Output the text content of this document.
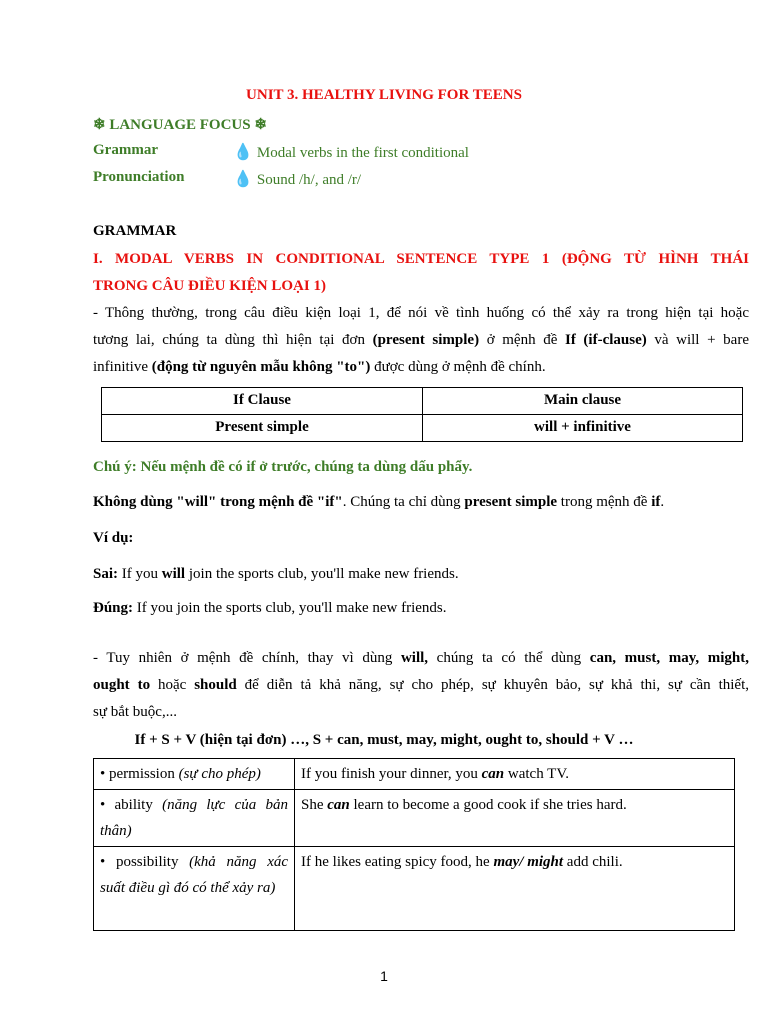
UNIT 3. HEALTHY LIVING FOR TEENS
❄ LANGUAGE FOCUS ❄
Grammar	💧 Modal verbs in the first conditional
Pronunciation	💧 Sound /h/, and /r/
GRAMMAR
I. MODAL VERBS IN CONDITIONAL SENTENCE TYPE 1 (ĐỘNG TỪ HÌNH THÁI
TRONG CÂU ĐIỀU KIỆN LOẠI 1)
- Thông thường, trong câu điều kiện loại 1, để nói về tình huống có thể xảy ra trong hiện tại hoặc
tương lai, chúng ta dùng thì hiện tại đơn (present simple) ở mệnh đề If (if-clause) và will + bare
infinitive (động từ nguyên mẫu không "to") được dùng ở mệnh đề chính.
If Clause	Main clause
Present simple	will + infinitive
Chú ý: Nếu mệnh đề có if ở trước, chúng ta dùng dấu phẩy.
Không dùng "will" trong mệnh đề "if". Chúng ta chỉ dùng present simple trong mệnh đề if.
Ví dụ:
Sai: If you will join the sports club, you'll make new friends.
Đúng: If you join the sports club, you'll make new friends.
- Tuy nhiên ở mệnh đề chính, thay vì dùng will, chúng ta có thể dùng can, must, may, might,
ought to hoặc should để diễn tả khả năng, sự cho phép, sự khuyên bảo, sự khả thi, sự cần thiết,
sự bắt buộc,...
If + S + V (hiện tại đơn) …, S + can, must, may, might, ought to, should + V …
• permission (sự cho phép)	If you finish your dinner, you can watch TV.
• ability (năng lực của bản thân)	She can learn to become a good cook if she tries hard.
• possibility (khả năng xác suất điều gì đó có thể xảy ra)	If he likes eating spicy food, he may/ might add chili.
1
